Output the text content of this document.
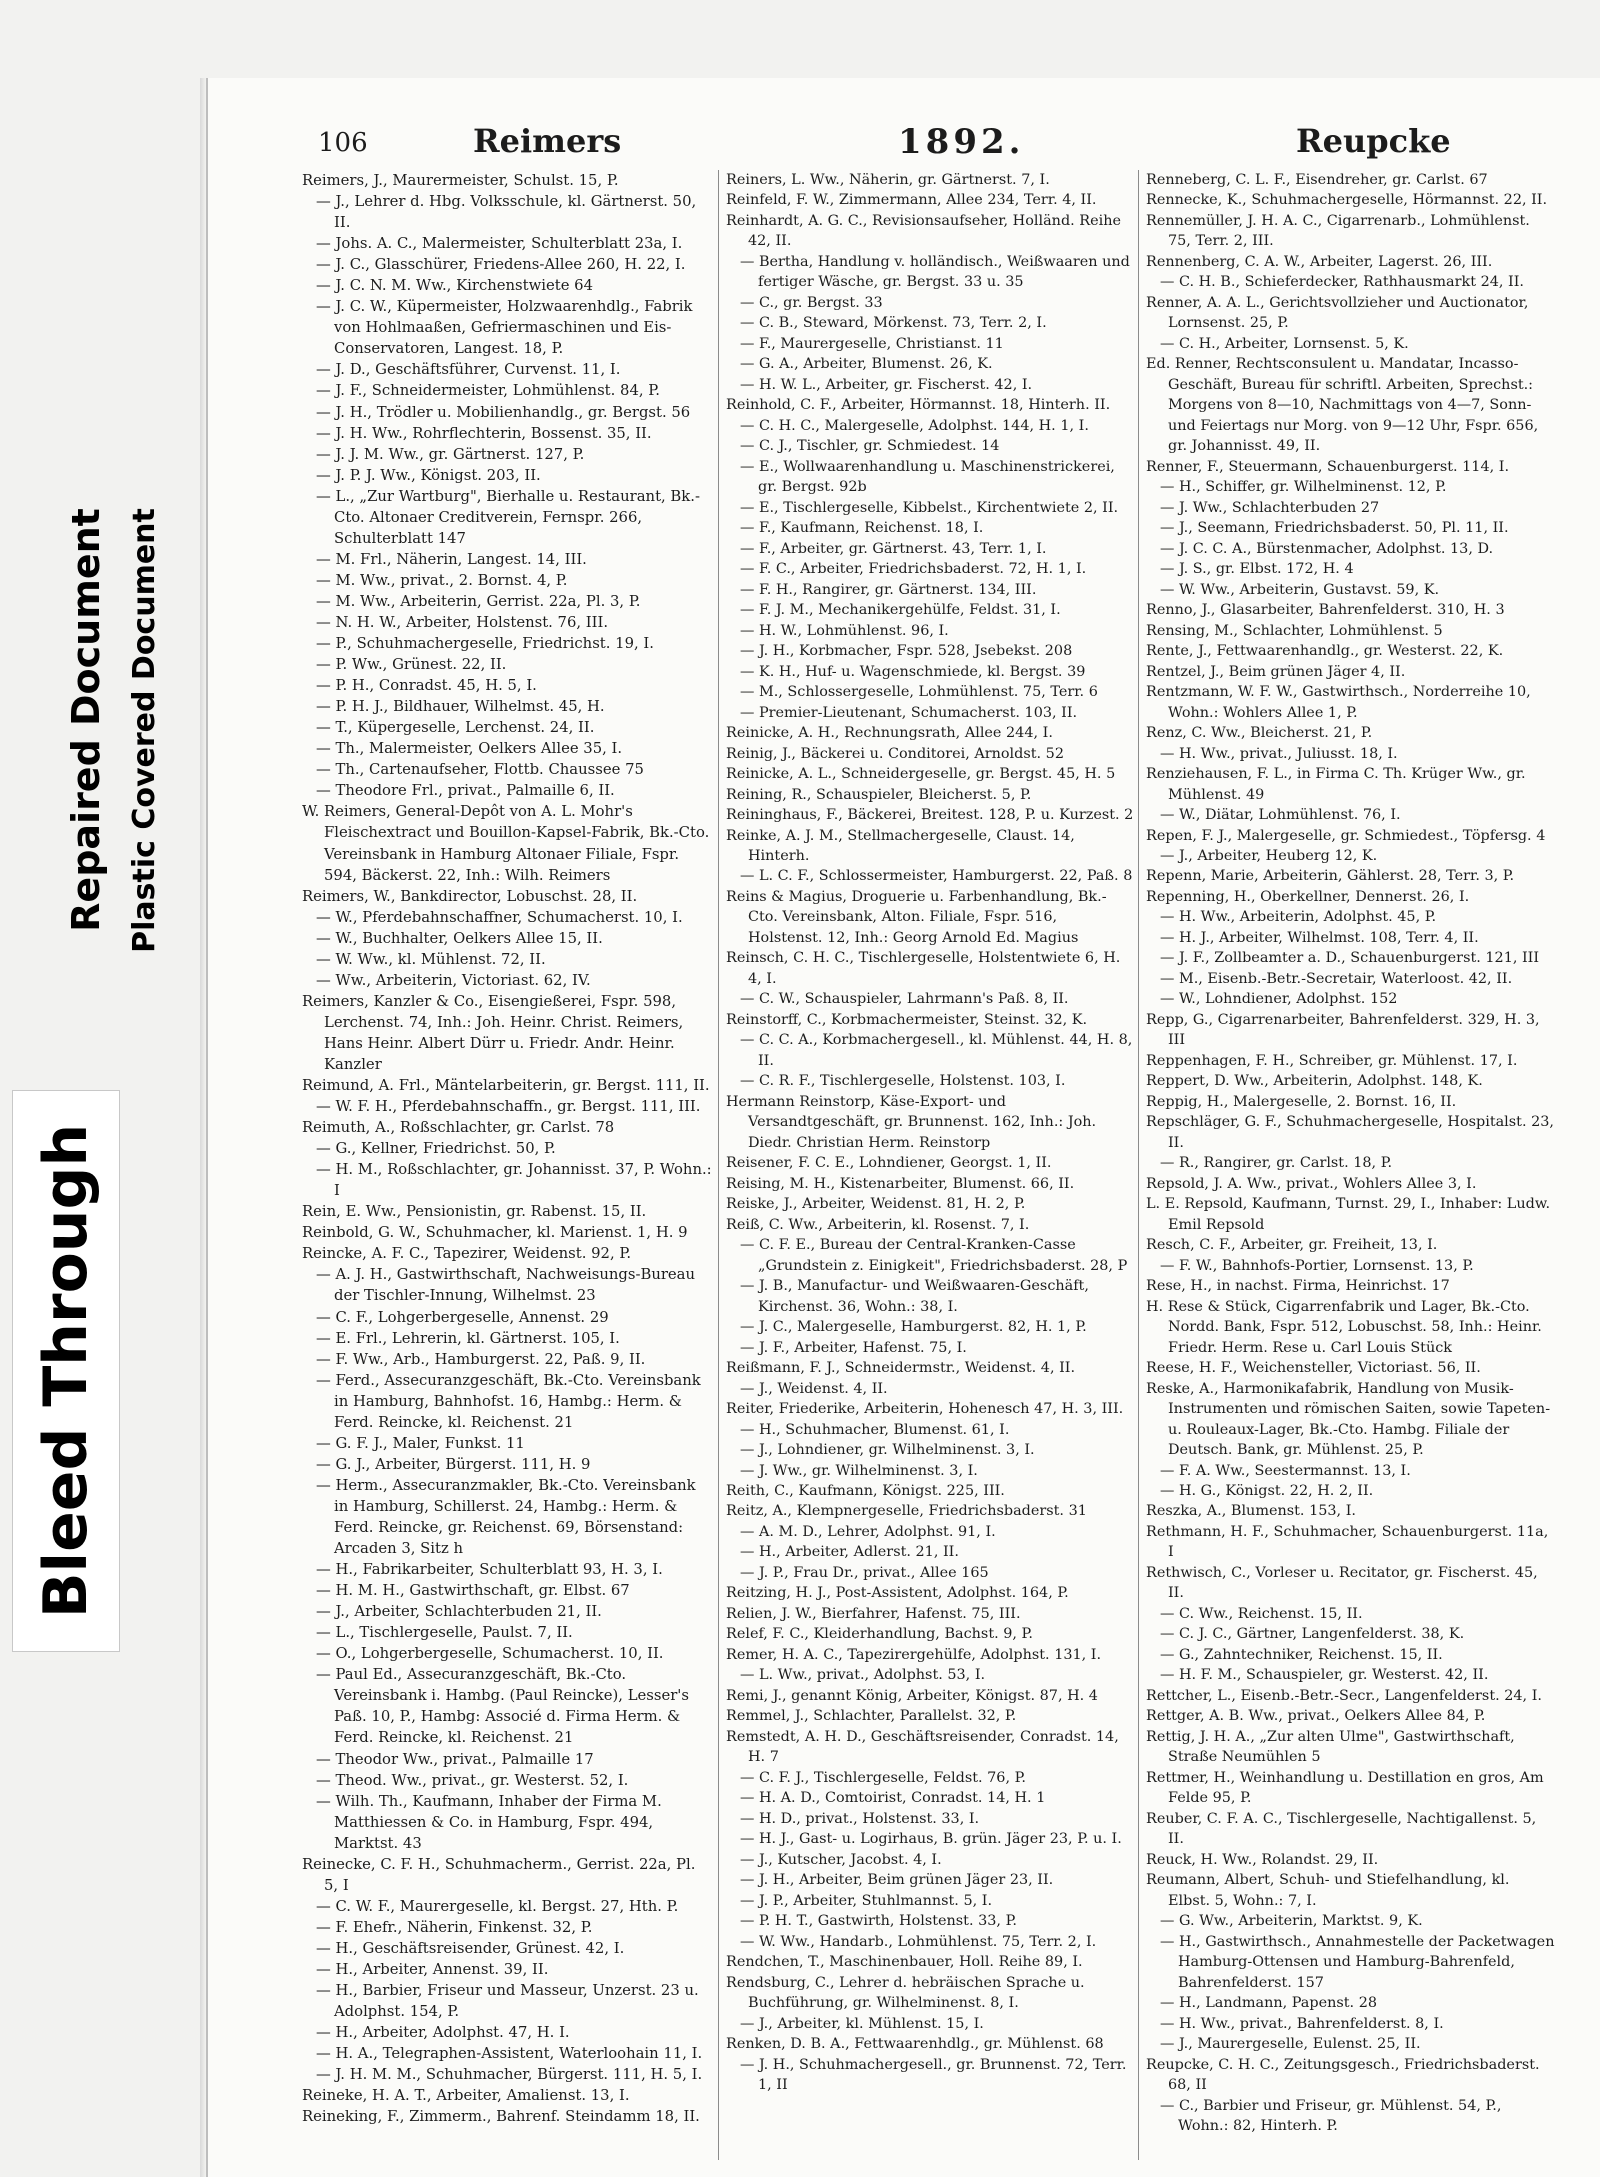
Bleed Through
Repaired Document Plastic Covered Document
106	Reimers	1892.	Reupcke

Reimers, J., Maurermeister, Schulst. 15, P.

— J., Lehrer d. Hbg. Volksschule, kl. Gärtnerst. 50, II.

— Johs. A. C., Malermeister, Schulterblatt 23a, I.

— J. C., Glasschürer, Friedens-Allee 260, H. 22, I.

— J. C. N. M. Ww., Kirchenstwiete 64

— J. C. W., Küpermeister, Holzwaarenhdlg., Fabrik von Hohlmaaßen, Gefriermaschinen und Eis-Conservatoren, Langest. 18, P.

— J. D., Geschäftsführer, Curvenst. 11, I.

— J. F., Schneidermeister, Lohmühlenst. 84, P.

— J. H., Trödler u. Mobilienhandlg., gr. Bergst. 56

— J. H. Ww., Rohrflechterin, Bossenst. 35, II.

— J. J. M. Ww., gr. Gärtnerst. 127, P.

— J. P. J. Ww., Königst. 203, II.

— L., „Zur Wartburg", Bierhalle u. Restaurant, Bk.-Cto. Altonaer Creditverein, Fernspr. 266, Schulterblatt 147

— M. Frl., Näherin, Langest. 14, III.

— M. Ww., privat., 2. Bornst. 4, P.

— M. Ww., Arbeiterin, Gerrist. 22a, Pl. 3, P.

— N. H. W., Arbeiter, Holstenst. 76, III.

— P., Schuhmachergeselle, Friedrichst. 19, I.

— P. Ww., Grünest. 22, II.

— P. H., Conradst. 45, H. 5, I.

— P. H. J., Bildhauer, Wilhelmst. 45, H.

— T., Küpergeselle, Lerchenst. 24, II.

— Th., Malermeister, Oelkers Allee 35, I.

— Th., Cartenaufseher, Flottb. Chaussee 75

— Theodore Frl., privat., Palmaille 6, II.

W. Reimers, General-Depôt von A. L. Mohr's Fleischextract und Bouillon-Kapsel-Fabrik, Bk.-Cto. Vereinsbank in Hamburg Altonaer Filiale, Fspr. 594, Bäckerst. 22, Inh.: Wilh. Reimers

Reimers, W., Bankdirector, Lobuschst. 28, II.

— W., Pferdebahnschaffner, Schumacherst. 10, I.

— W., Buchhalter, Oelkers Allee 15, II.

— W. Ww., kl. Mühlenst. 72, II.

— Ww., Arbeiterin, Victoriast. 62, IV.

Reimers, Kanzler & Co., Eisengießerei, Fspr. 598, Lerchenst. 74, Inh.: Joh. Heinr. Christ. Reimers, Hans Heinr. Albert Dürr u. Friedr. Andr. Heinr. Kanzler

Reimund, A. Frl., Mäntelarbeiterin, gr. Bergst. 111, II.

— W. F. H., Pferdebahnschaffn., gr. Bergst. 111, III.

Reimuth, A., Roßschlachter, gr. Carlst. 78

— G., Kellner, Friedrichst. 50, P.

— H. M., Roßschlachter, gr. Johannisst. 37, P. Wohn.: I

Rein, E. Ww., Pensionistin, gr. Rabenst. 15, II.

Reinbold, G. W., Schuhmacher, kl. Marienst. 1, H. 9

Reincke, A. F. C., Tapezirer, Weidenst. 92, P.

— A. J. H., Gastwirthschaft, Nachweisungs-Bureau der Tischler-Innung, Wilhelmst. 23

— C. F., Lohgerbergeselle, Annenst. 29

— E. Frl., Lehrerin, kl. Gärtnerst. 105, I.

— F. Ww., Arb., Hamburgerst. 22, Paß. 9, II.

— Ferd., Assecuranzgeschäft, Bk.-Cto. Vereinsbank in Hamburg, Bahnhofst. 16, Hambg.: Herm. & Ferd. Reincke, kl. Reichenst. 21

— G. F. J., Maler, Funkst. 11

— G. J., Arbeiter, Bürgerst. 111, H. 9

— Herm., Assecuranzmakler, Bk.-Cto. Vereinsbank in Hamburg, Schillerst. 24, Hambg.: Herm. & Ferd. Reincke, gr. Reichenst. 69, Börsenstand: Arcaden 3, Sitz h

— H., Fabrikarbeiter, Schulterblatt 93, H. 3, I.

— H. M. H., Gastwirthschaft, gr. Elbst. 67

— J., Arbeiter, Schlachterbuden 21, II.

— L., Tischlergeselle, Paulst. 7, II.

— O., Lohgerbergeselle, Schumacherst. 10, II.

— Paul Ed., Assecuranzgeschäft, Bk.-Cto. Vereinsbank i. Hambg. (Paul Reincke), Lesser's Paß. 10, P., Hambg: Associé d. Firma Herm. & Ferd. Reincke, kl. Reichenst. 21

— Theodor Ww., privat., Palmaille 17

— Theod. Ww., privat., gr. Westerst. 52, I.

— Wilh. Th., Kaufmann, Inhaber der Firma M. Matthiessen & Co. in Hamburg, Fspr. 494, Marktst. 43

Reinecke, C. F. H., Schuhmacherm., Gerrist. 22a, Pl. 5, I

— C. W. F., Maurergeselle, kl. Bergst. 27, Hth. P.

— F. Ehefr., Näherin, Finkenst. 32, P.

— H., Geschäftsreisender, Grünest. 42, I.

— H., Arbeiter, Annenst. 39, II.

— H., Barbier, Friseur und Masseur, Unzerst. 23 u. Adolphst. 154, P.

— H., Arbeiter, Adolphst. 47, H. I.

— H. A., Telegraphen-Assistent, Waterloohain 11, I.

— J. H. M. M., Schuhmacher, Bürgerst. 111, H. 5, I.

Reineke, H. A. T., Arbeiter, Amalienst. 13, I.

Reineking, F., Zimmerm., Bahrenf. Steindamm 18, II.

Reiners, L. Ww., Näherin, gr. Gärtnerst. 7, I.

Reinfeld, F. W., Zimmermann, Allee 234, Terr. 4, II.

Reinhardt, A. G. C., Revisionsaufseher, Holländ. Reihe 42, II.

— Bertha, Handlung v. holländisch., Weißwaaren und fertiger Wäsche, gr. Bergst. 33 u. 35

— C., gr. Bergst. 33

— C. B., Steward, Mörkenst. 73, Terr. 2, I.

— F., Maurergeselle, Christianst. 11

— G. A., Arbeiter, Blumenst. 26, K.

— H. W. L., Arbeiter, gr. Fischerst. 42, I.

Reinhold, C. F., Arbeiter, Hörmannst. 18, Hinterh. II.

— C. H. C., Malergeselle, Adolphst. 144, H. 1, I.

— C. J., Tischler, gr. Schmiedest. 14

— E., Wollwaarenhandlung u. Maschinenstrickerei, gr. Bergst. 92b

— E., Tischlergeselle, Kibbelst., Kirchentwiete 2, II.

— F., Kaufmann, Reichenst. 18, I.

— F., Arbeiter, gr. Gärtnerst. 43, Terr. 1, I.

— F. C., Arbeiter, Friedrichsbaderst. 72, H. 1, I.

— F. H., Rangirer, gr. Gärtnerst. 134, III.

— F. J. M., Mechanikergehülfe, Feldst. 31, I.

— H. W., Lohmühlenst. 96, I.

— J. H., Korbmacher, Fspr. 528, Jsebekst. 208

— K. H., Huf- u. Wagenschmiede, kl. Bergst. 39

— M., Schlossergeselle, Lohmühlenst. 75, Terr. 6

— Premier-Lieutenant, Schumacherst. 103, II.

Reinicke, A. H., Rechnungsrath, Allee 244, I.

Reinig, J., Bäckerei u. Conditorei, Arnoldst. 52

Reinicke, A. L., Schneidergeselle, gr. Bergst. 45, H. 5

Reining, R., Schauspieler, Bleicherst. 5, P.

Reininghaus, F., Bäckerei, Breitest. 128, P. u. Kurzest. 2

Reinke, A. J. M., Stellmachergeselle, Claust. 14, Hinterh.

— L. C. F., Schlossermeister, Hamburgerst. 22, Paß. 8

Reins & Magius, Droguerie u. Farbenhandlung, Bk.-Cto. Vereinsbank, Alton. Filiale, Fspr. 516, Holstenst. 12, Inh.: Georg Arnold Ed. Magius

Reinsch, C. H. C., Tischlergeselle, Holstentwiete 6, H. 4, I.

— C. W., Schauspieler, Lahrmann's Paß. 8, II.

Reinstorff, C., Korbmachermeister, Steinst. 32, K.

— C. C. A., Korbmachergesell., kl. Mühlenst. 44, H. 8, II.

— C. R. F., Tischlergeselle, Holstenst. 103, I.

Hermann Reinstorp, Käse-Export- und Versandtgeschäft, gr. Brunnenst. 162, Inh.: Joh. Diedr. Christian Herm. Reinstorp

Reisener, F. C. E., Lohndiener, Georgst. 1, II.

Reising, M. H., Kistenarbeiter, Blumenst. 66, II.

Reiske, J., Arbeiter, Weidenst. 81, H. 2, P.

Reiß, C. Ww., Arbeiterin, kl. Rosenst. 7, I.

— C. F. E., Bureau der Central-Kranken-Casse „Grundstein z. Einigkeit", Friedrichsbaderst. 28, P

— J. B., Manufactur- und Weißwaaren-Geschäft, Kirchenst. 36, Wohn.: 38, I.

— J. C., Malergeselle, Hamburgerst. 82, H. 1, P.

— J. F., Arbeiter, Hafenst. 75, I.

Reißmann, F. J., Schneidermstr., Weidenst. 4, II.

— J., Weidenst. 4, II.

Reiter, Friederike, Arbeiterin, Hohenesch 47, H. 3, III.

— H., Schuhmacher, Blumenst. 61, I.

— J., Lohndiener, gr. Wilhelminenst. 3, I.

— J. Ww., gr. Wilhelminenst. 3, I.

Reith, C., Kaufmann, Königst. 225, III.

Reitz, A., Klempnergeselle, Friedrichsbaderst. 31

— A. M. D., Lehrer, Adolphst. 91, I.

— H., Arbeiter, Adlerst. 21, II.

— J. P., Frau Dr., privat., Allee 165

Reitzing, H. J., Post-Assistent, Adolphst. 164, P.

Relien, J. W., Bierfahrer, Hafenst. 75, III.

Relef, F. C., Kleiderhandlung, Bachst. 9, P.

Remer, H. A. C., Tapezirergehülfe, Adolphst. 131, I.

— L. Ww., privat., Adolphst. 53, I.

Remi, J., genannt König, Arbeiter, Königst. 87, H. 4

Remmel, J., Schlachter, Parallelst. 32, P.

Remstedt, A. H. D., Geschäftsreisender, Conradst. 14, H. 7

— C. F. J., Tischlergeselle, Feldst. 76, P.

— H. A. D., Comtoirist, Conradst. 14, H. 1

— H. D., privat., Holstenst. 33, I.

— H. J., Gast- u. Logirhaus, B. grün. Jäger 23, P. u. I.

— J., Kutscher, Jacobst. 4, I.

— J. H., Arbeiter, Beim grünen Jäger 23, II.

— J. P., Arbeiter, Stuhlmannst. 5, I.

— P. H. T., Gastwirth, Holstenst. 33, P.

— W. Ww., Handarb., Lohmühlenst. 75, Terr. 2, I.

Rendchen, T., Maschinenbauer, Holl. Reihe 89, I.

Rendsburg, C., Lehrer d. hebräischen Sprache u. Buchführung, gr. Wilhelminenst. 8, I.

— J., Arbeiter, kl. Mühlenst. 15, I.

Renken, D. B. A., Fettwaarenhdlg., gr. Mühlenst. 68

— J. H., Schuhmachergesell., gr. Brunnenst. 72, Terr. 1, II

Renneberg, C. L. F., Eisendreher, gr. Carlst. 67

Rennecke, K., Schuhmachergeselle, Hörmannst. 22, II.

Rennemüller, J. H. A. C., Cigarrenarb., Lohmühlenst. 75, Terr. 2, III.

Rennenberg, C. A. W., Arbeiter, Lagerst. 26, III.

— C. H. B., Schieferdecker, Rathhausmarkt 24, II.

Renner, A. A. L., Gerichtsvollzieher und Auctionator, Lornsenst. 25, P.

— C. H., Arbeiter, Lornsenst. 5, K.

Ed. Renner, Rechtsconsulent u. Mandatar, Incasso-Geschäft, Bureau für schriftl. Arbeiten, Sprechst.: Morgens von 8—10, Nachmittags von 4—7, Sonn- und Feiertags nur Morg. von 9—12 Uhr, Fspr. 656, gr. Johannisst. 49, II.

Renner, F., Steuermann, Schauenburgerst. 114, I.

— H., Schiffer, gr. Wilhelminenst. 12, P.

— J. Ww., Schlachterbuden 27

— J., Seemann, Friedrichsbaderst. 50, Pl. 11, II.

— J. C. C. A., Bürstenmacher, Adolphst. 13, D.

— J. S., gr. Elbst. 172, H. 4

— W. Ww., Arbeiterin, Gustavst. 59, K.

Renno, J., Glasarbeiter, Bahrenfelderst. 310, H. 3

Rensing, M., Schlachter, Lohmühlenst. 5

Rente, J., Fettwaarenhandlg., gr. Westerst. 22, K.

Rentzel, J., Beim grünen Jäger 4, II.

Rentzmann, W. F. W., Gastwirthsch., Norderreihe 10, Wohn.: Wohlers Allee 1, P.

Renz, C. Ww., Bleicherst. 21, P.

— H. Ww., privat., Juliusst. 18, I.

Renziehausen, F. L., in Firma C. Th. Krüger Ww., gr. Mühlenst. 49

— W., Diätar, Lohmühlenst. 76, I.

Repen, F. J., Malergeselle, gr. Schmiedest., Töpfersg. 4

— J., Arbeiter, Heuberg 12, K.

Repenn, Marie, Arbeiterin, Gählerst. 28, Terr. 3, P.

Repenning, H., Oberkellner, Dennerst. 26, I.

— H. Ww., Arbeiterin, Adolphst. 45, P.

— H. J., Arbeiter, Wilhelmst. 108, Terr. 4, II.

— J. F., Zollbeamter a. D., Schauenburgerst. 121, III

— M., Eisenb.-Betr.-Secretair, Waterloost. 42, II.

— W., Lohndiener, Adolphst. 152

Repp, G., Cigarrenarbeiter, Bahrenfelderst. 329, H. 3, III

Reppenhagen, F. H., Schreiber, gr. Mühlenst. 17, I.

Reppert, D. Ww., Arbeiterin, Adolphst. 148, K.

Reppig, H., Malergeselle, 2. Bornst. 16, II.

Repschläger, G. F., Schuhmachergeselle, Hospitalst. 23, II.

— R., Rangirer, gr. Carlst. 18, P.

Repsold, J. A. Ww., privat., Wohlers Allee 3, I.

L. E. Repsold, Kaufmann, Turnst. 29, I., Inhaber: Ludw. Emil Repsold

Resch, C. F., Arbeiter, gr. Freiheit, 13, I.

— F. W., Bahnhofs-Portier, Lornsenst. 13, P.

Rese, H., in nachst. Firma, Heinrichst. 17

H. Rese & Stück, Cigarrenfabrik und Lager, Bk.-Cto. Nordd. Bank, Fspr. 512, Lobuschst. 58, Inh.: Heinr. Friedr. Herm. Rese u. Carl Louis Stück

Reese, H. F., Weichensteller, Victoriast. 56, II.

Reske, A., Harmonikafabrik, Handlung von Musik-Instrumenten und römischen Saiten, sowie Tapeten- u. Rouleaux-Lager, Bk.-Cto. Hambg. Filiale der Deutsch. Bank, gr. Mühlenst. 25, P.

— F. A. Ww., Seestermannst. 13, I.

— H. G., Königst. 22, H. 2, II.

Reszka, A., Blumenst. 153, I.

Rethmann, H. F., Schuhmacher, Schauenburgerst. 11a, I

Rethwisch, C., Vorleser u. Recitator, gr. Fischerst. 45, II.

— C. Ww., Reichenst. 15, II.

— C. J. C., Gärtner, Langenfelderst. 38, K.

— G., Zahntechniker, Reichenst. 15, II.

— H. F. M., Schauspieler, gr. Westerst. 42, II.

Rettcher, L., Eisenb.-Betr.-Secr., Langenfelderst. 24, I.

Rettger, A. B. Ww., privat., Oelkers Allee 84, P.

Rettig, J. H. A., „Zur alten Ulme", Gastwirthschaft, Straße Neumühlen 5

Rettmer, H., Weinhandlung u. Destillation en gros, Am Felde 95, P.

Reuber, C. F. A. C., Tischlergeselle, Nachtigallenst. 5, II.

Reuck, H. Ww., Rolandst. 29, II.

Reumann, Albert, Schuh- und Stiefelhandlung, kl. Elbst. 5, Wohn.: 7, I.

— G. Ww., Arbeiterin, Marktst. 9, K.

— H., Gastwirthsch., Annahmestelle der Packetwagen Hamburg-Ottensen und Hamburg-Bahrenfeld, Bahrenfelderst. 157

— H., Landmann, Papenst. 28

— H. Ww., privat., Bahrenfelderst. 8, I.

— J., Maurergeselle, Eulenst. 25, II.

Reupcke, C. H. C., Zeitungsgesch., Friedrichsbaderst. 68, II

— C., Barbier und Friseur, gr. Mühlenst. 54, P., Wohn.: 82, Hinterh. P.
